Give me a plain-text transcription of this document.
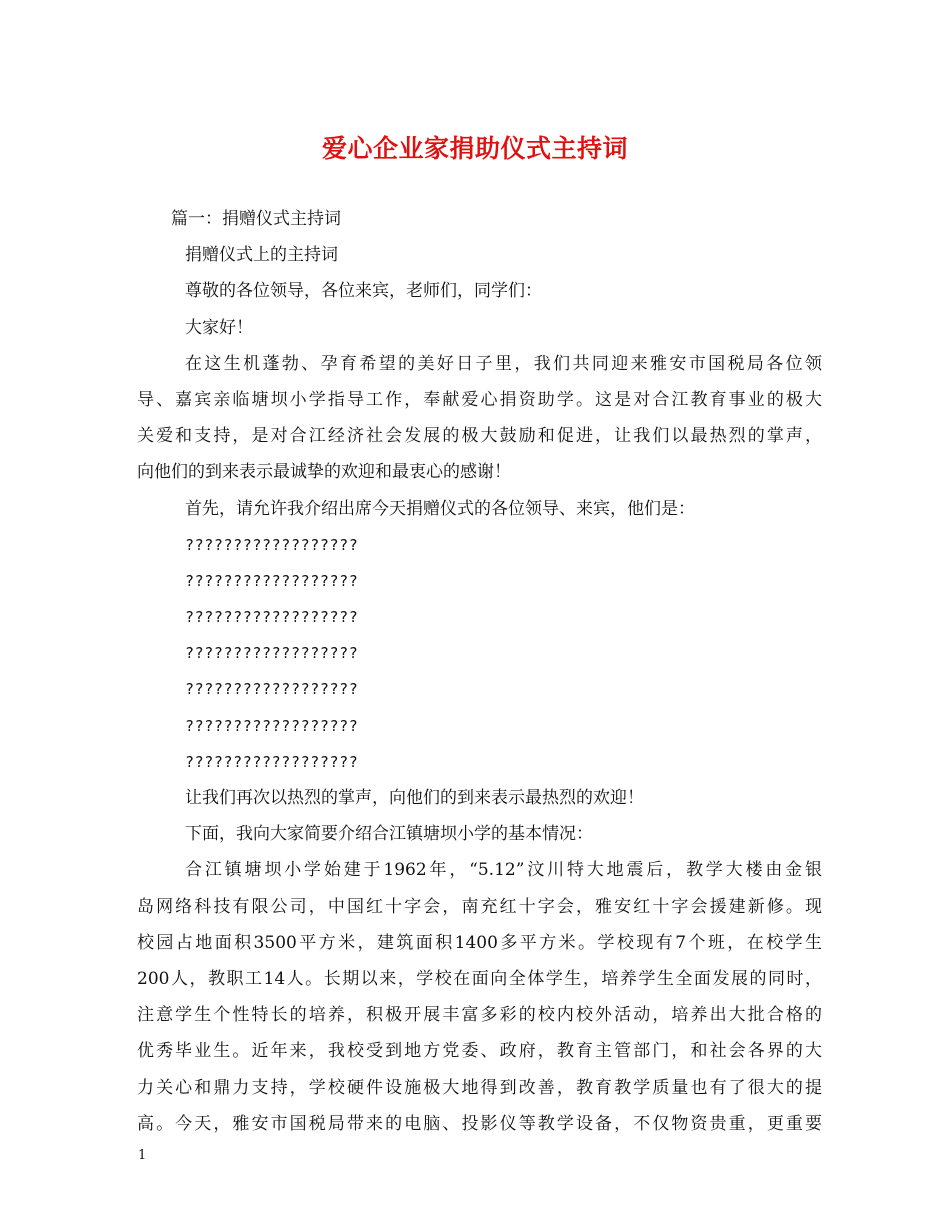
爱心企业家捐助仪式主持词
篇一：捐赠仪式主持词
捐赠仪式上的主持词
尊敬的各位领导，各位来宾，老师们，同学们：
大家好！
在这生机蓬勃、孕育希望的美好日子里，我们共同迎来雅安市国税局各位领
导、嘉宾亲临塘坝小学指导工作，奉献爱心捐资助学。这是对合江教育事业的极大
关爱和支持，是对合江经济社会发展的极大鼓励和促进，让我们以最热烈的掌声，
向他们的到来表示最诚挚的欢迎和最衷心的感谢！
首先，请允许我介绍出席今天捐赠仪式的各位领导、来宾，他们是：
??????????????????
??????????????????
??????????????????
??????????????????
??????????????????
??????????????????
??????????????????
让我们再次以热烈的掌声，向他们的到来表示最热烈的欢迎！
下面，我向大家简要介绍合江镇塘坝小学的基本情况：
合江镇塘坝小学始建于1962年，“5.12”汶川特大地震后，教学大楼由金银
岛网络科技有限公司，中国红十字会，南充红十字会，雅安红十字会援建新修。现
校园占地面积3500平方米，建筑面积1400多平方米。学校现有7个班，在校学生
200人，教职工14人。长期以来，学校在面向全体学生，培养学生全面发展的同时，
注意学生个性特长的培养，积极开展丰富多彩的校内校外活动，培养出大批合格的
优秀毕业生。近年来，我校受到地方党委、政府，教育主管部门，和社会各界的大
力关心和鼎力支持，学校硬件设施极大地得到改善，教育教学质量也有了很大的提
高。今天，雅安市国税局带来的电脑、投影仪等教学设备，不仅物资贵重，更重要
1
